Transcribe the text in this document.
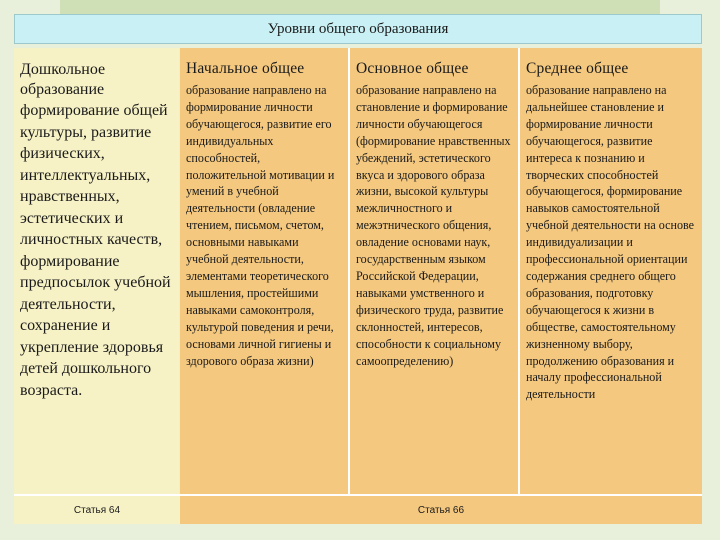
Уровни общего образования
Дошкольное образование
формирование общей культуры, развитие физических, интеллектуальных, нравственных, эстетических и личностных качеств, формирование предпосылок учебной деятельности, сохранение и укрепление здоровья детей дошкольного возраста.
Начальное общее
образование направлено на формирование личности обучающегося, развитие его индивидуальных способностей, положительной мотивации и умений в учебной деятельности (овладение чтением, письмом, счетом, основными навыками учебной деятельности, элементами теоретического мышления, простейшими навыками самоконтроля, культурой поведения и речи, основами личной гигиены и здорового образа жизни)
Основное общее
образование направлено на становление и формирование личности обучающегося (формирование нравственных убеждений, эстетического вкуса и здорового образа жизни, высокой культуры межличностного и межэтнического общения, овладение основами наук, государственным языком Российской Федерации, навыками умственного и физического труда, развитие склонностей, интересов, способности к социальному самоопределению)
Среднее общее
образование направлено на дальнейшее становление и формирование личности обучающегося, развитие интереса к познанию и творческих способностей обучающегося, формирование навыков самостоятельной учебной деятельности на основе индивидуализации и профессиональной ориентации содержания среднего общего образования, подготовку обучающегося к жизни в обществе, самостоятельному жизненному выбору, продолжению образования и началу профессиональной деятельности
Статья 64	Статья 66
